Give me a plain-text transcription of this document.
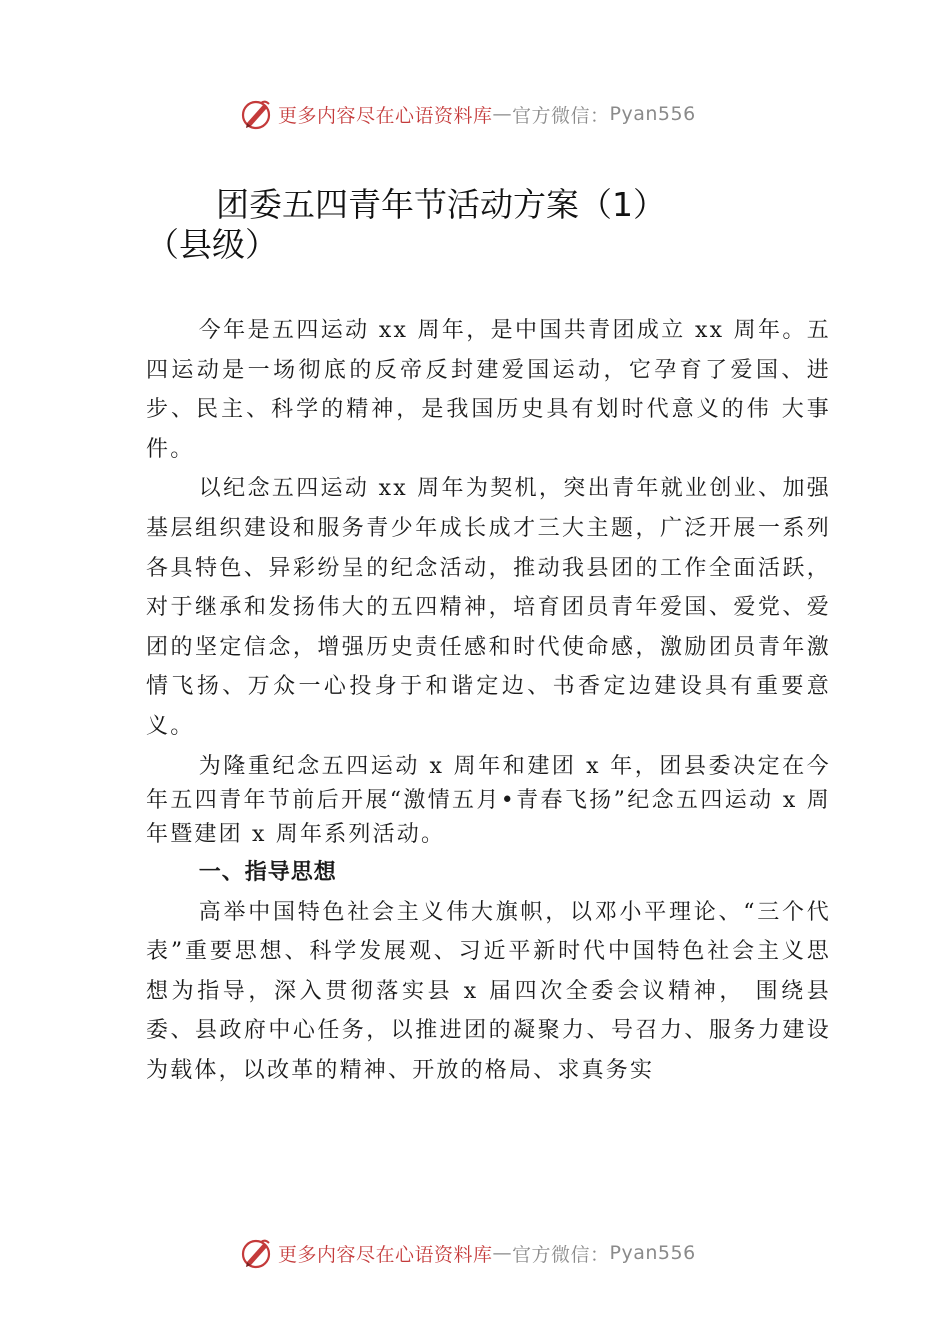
更多内容尽在心语资料库 — 官方微信： Pyan556
团委五四青年节活动方案（1）
（县级）

今年是五四运动 xx 周年，是中国共青团成立 xx 周年。五四运动是一场彻底的反帝反封建爱国运动，它孕育了爱国、进步、民主、科学的精神，是我国历史具有划时代意义的伟 大事件。

以纪念五四运动 xx 周年为契机，突出青年就业创业、加强基层组织建设和服务青少年成长成才三大主题，广泛开展一系列各具特色、异彩纷呈的纪念活动，推动我县团的工作全面活跃，对于继承和发扬伟大的五四精神，培育团员青年爱国、爱党、爱团的坚定信念，增强历史责任感和时代使命感，激励团员青年激情飞扬、万众一心投身于和谐定边、书香定边建设具有重要意义。

为隆重纪念五四运动 x 周年和建团 x 年，团县委决定在今年五四青年节前后开展“激情五月•青春飞扬”纪念五四运动 x 周年暨建团 x 周年系列活动。

一、指导思想

高举中国特色社会主义伟大旗帜，以邓小平理论、“三个代表”重要思想、科学发展观、习近平新时代中国特色社会主义思想为指导，深入贯彻落实县 x 届四次全委会议精神， 围绕县委、县政府中心任务，以推进团的凝聚力、号召力、服务力建设为载体，以改革的精神、开放的格局、求真务实

更多内容尽在心语资料库 — 官方微信： Pyan556
